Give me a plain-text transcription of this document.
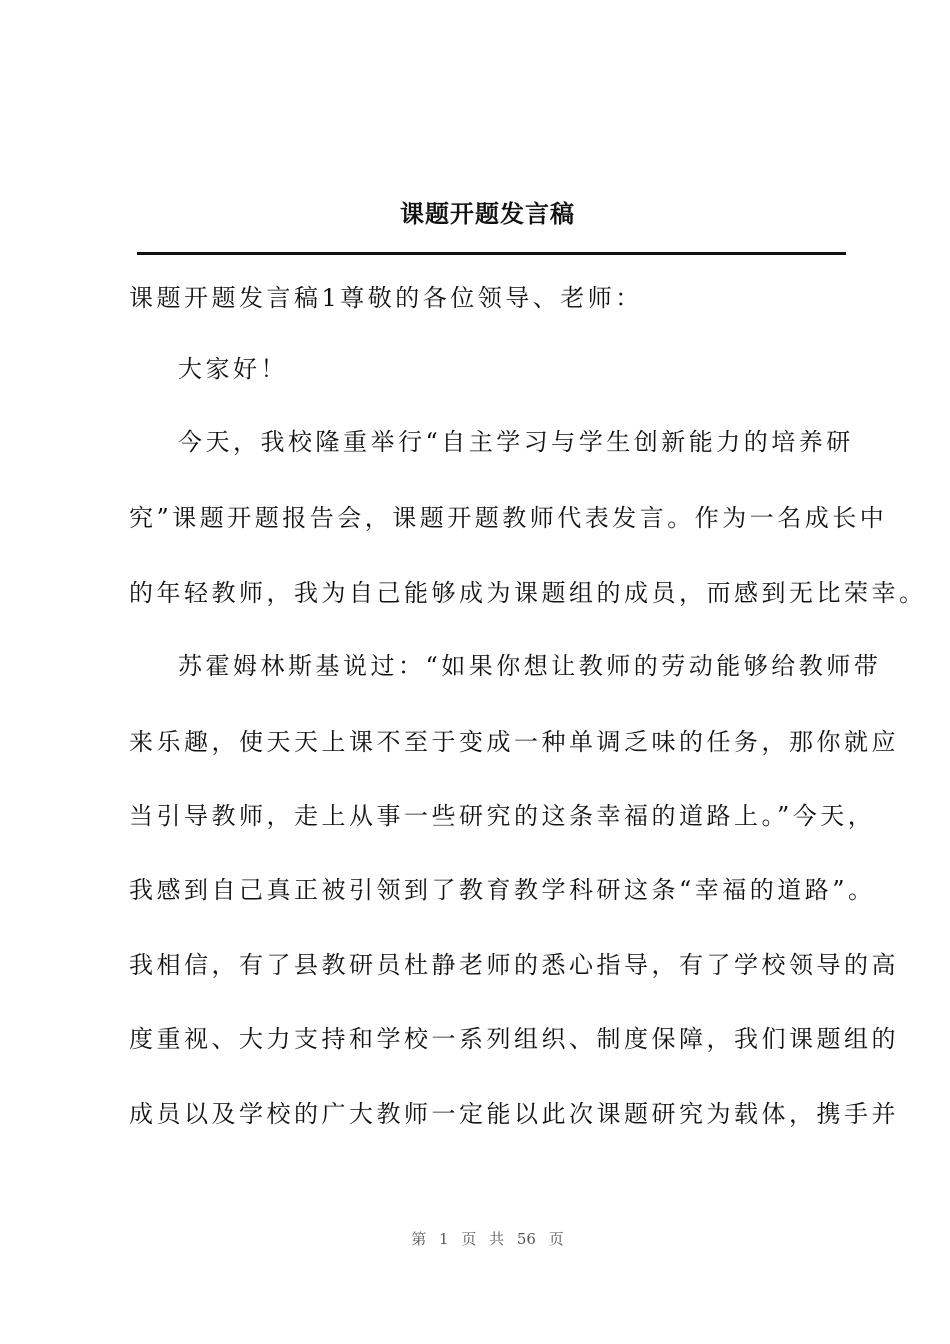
课题开题发言稿
课题开题发言稿1尊敬的各位领导、老师：
大家好！
今天，我校隆重举行“自主学习与学生创新能力的培养研
究”课题开题报告会，课题开题教师代表发言。作为一名成长中
的年轻教师，我为自己能够成为课题组的成员，而感到无比荣幸。
苏霍姆林斯基说过：“如果你想让教师的劳动能够给教师带
来乐趣，使天天上课不至于变成一种单调乏味的任务，那你就应
当引导教师，走上从事一些研究的这条幸福的道路上。”今天，
我感到自己真正被引领到了教育教学科研这条“幸福的道路”。
我相信，有了县教研员杜静老师的悉心指导，有了学校领导的高
度重视、大力支持和学校一系列组织、制度保障，我们课题组的
成员以及学校的广大教师一定能以此次课题研究为载体，携手并
第 1 页 共 56 页
